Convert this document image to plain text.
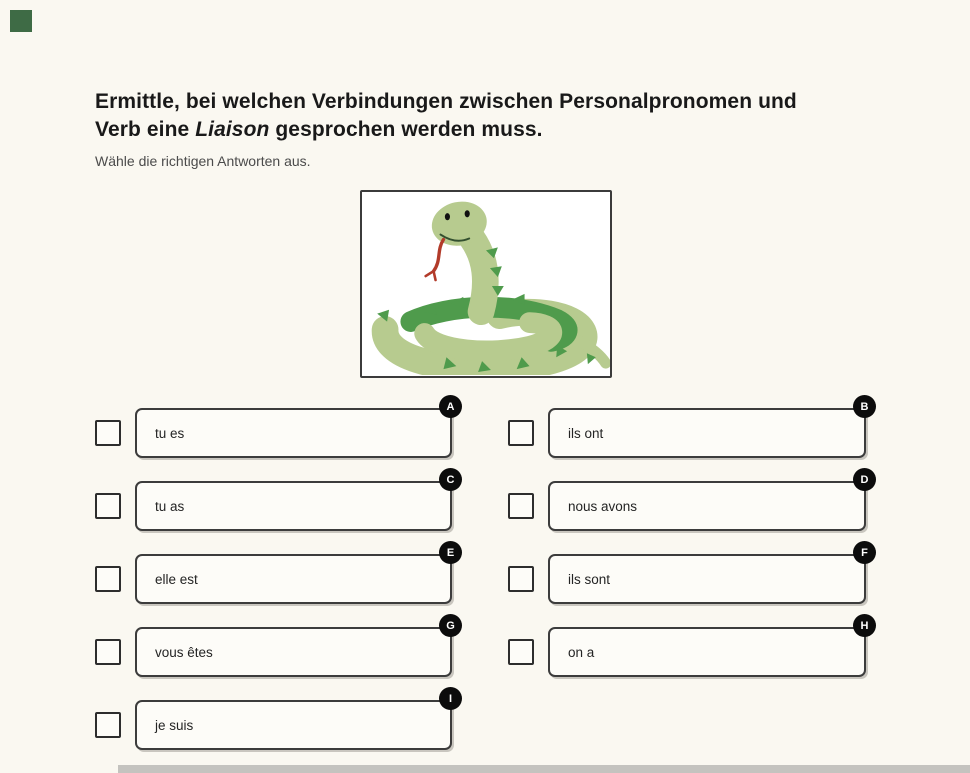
Ermittle, bei welchen Verbindungen zwischen Personalpronomen und
Verb eine Liaison gesprochen werden muss.

Wähle die richtigen Antworten aus.

tu es
A
tu as
C
elle est
E
vous êtes
G
je suis
I
ils ont
B
nous avons
D
ils sont
F
on a
H
